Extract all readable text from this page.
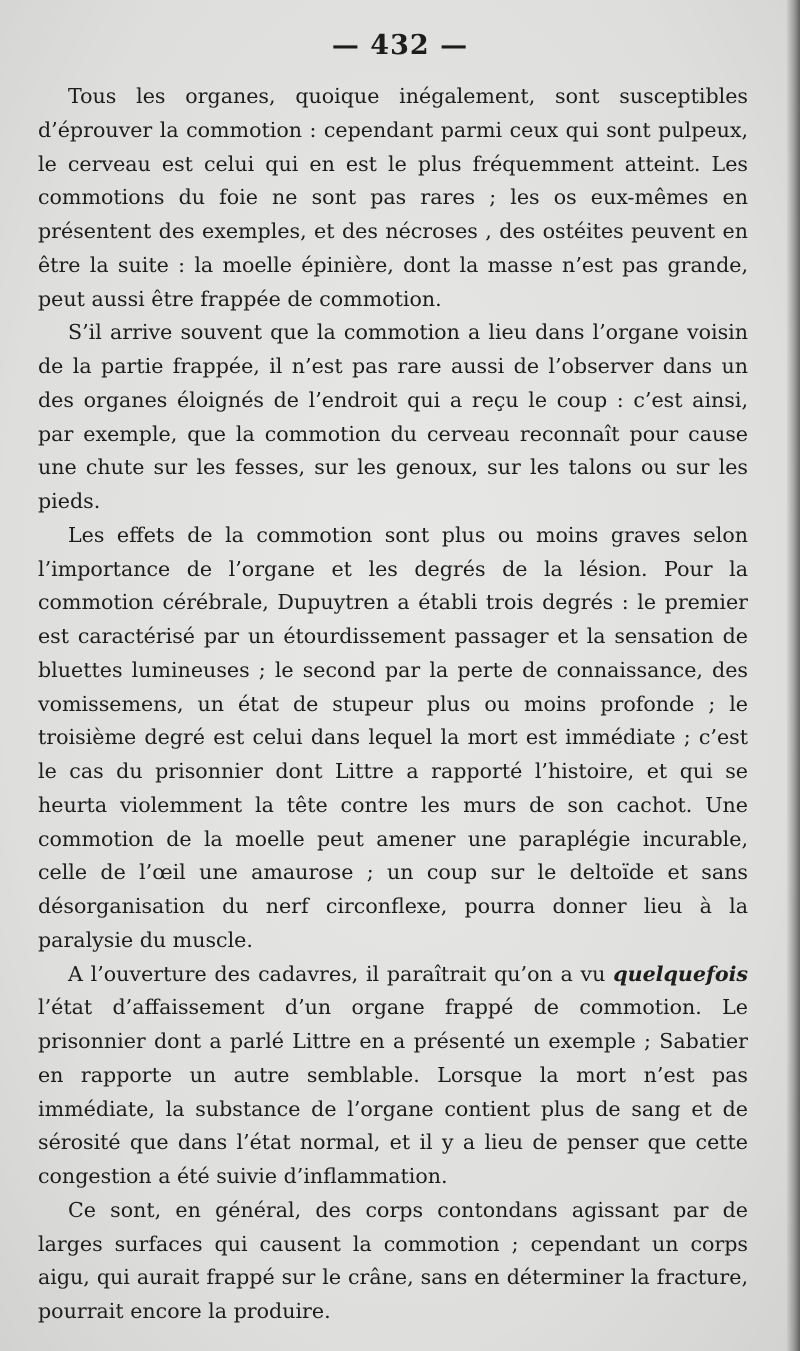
— 432 —

Tous les organes, quoique inégalement, sont susceptibles d’éprouver la commotion : cependant parmi ceux qui sont pulpeux, le cerveau est celui qui en est le plus fréquemment atteint. Les commotions du foie ne sont pas rares ; les os eux-mêmes en présentent des exemples, et des nécroses , des ostéites peuvent en être la suite : la moelle épinière, dont la masse n’est pas grande, peut aussi être frappée de commotion.

S’il arrive souvent que la commotion a lieu dans l’organe voisin de la partie frappée, il n’est pas rare aussi de l’observer dans un des organes éloignés de l’endroit qui a reçu le coup : c’est ainsi, par exemple, que la commotion du cerveau reconnaît pour cause une chute sur les fesses, sur les genoux, sur les talons ou sur les pieds.

Les effets de la commotion sont plus ou moins graves selon l’importance de l’organe et les degrés de la lésion. Pour la commotion cérébrale, Dupuytren a établi trois degrés : le premier est caractérisé par un étourdissement passager et la sensation de bluettes lumineuses ; le second par la perte de connaissance, des vomissemens, un état de stupeur plus ou moins profonde ; le troisième degré est celui dans lequel la mort est immédiate ; c’est le cas du prisonnier dont Littre a rapporté l’histoire, et qui se heurta violemment la tête contre les murs de son cachot. Une commotion de la moelle peut amener une paraplégie incurable, celle de l’œil une amaurose ; un coup sur le deltoïde et sans désorganisation du nerf circonflexe, pourra donner lieu à la paralysie du muscle.

A l’ouverture des cadavres, il paraîtrait qu’on a vu quelquefois l’état d’affaissement d’un organe frappé de commotion. Le prisonnier dont a parlé Littre en a présenté un exemple ; Sabatier en rapporte un autre semblable. Lorsque la mort n’est pas immédiate, la substance de l’organe contient plus de sang et de sérosité que dans l’état normal, et il y a lieu de penser que cette congestion a été suivie d’inflammation.

Ce sont, en général, des corps contondans agissant par de larges surfaces qui causent la commotion ; cependant un corps aigu, qui aurait frappé sur le crâne, sans en déterminer la fracture, pourrait encore la produire.
